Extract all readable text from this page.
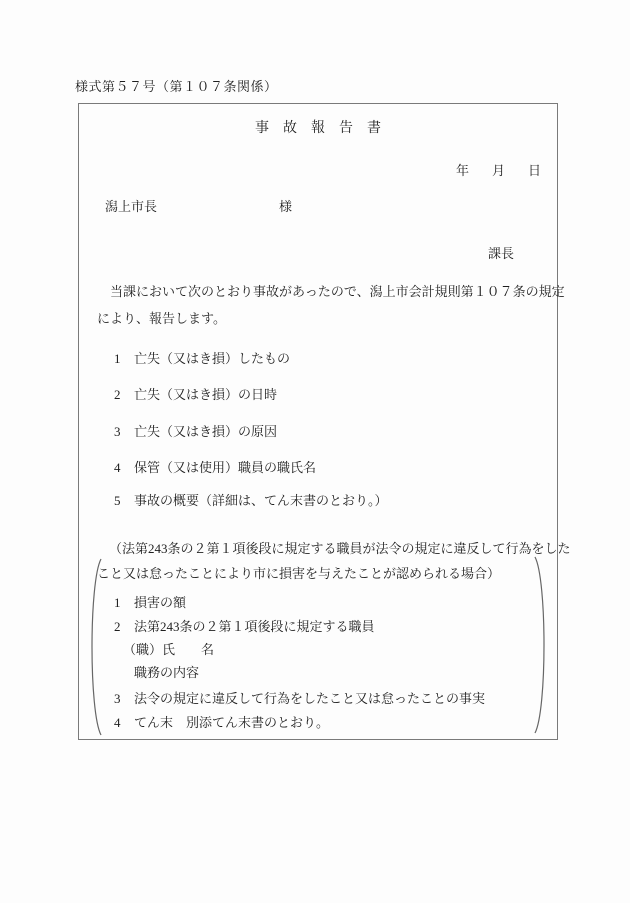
様式第５７号（第１０７条関係）
事故報告書
年 月 日
潟上市長	様
課長
当課において次のとおり事故があったので、潟上市会計規則第１０７条の規定
により、報告します。
1 亡失（又はき損）したもの
2 亡失（又はき損）の日時
3 亡失（又はき損）の原因
4 保管（又は使用）職員の職氏名
5 事故の概要（詳細は、てん末書のとおり。）
（法第243条の２第１項後段に規定する職員が法令の規定に違反して行為をした
こと又は怠ったことにより市に損害を与えたことが認められる場合）
1 損害の額
2 法第243条の２第１項後段に規定する職員
（職）氏　　名
職務の内容
3 法令の規定に違反して行為をしたこと又は怠ったことの事実
4 てん末　別添てん末書のとおり。
